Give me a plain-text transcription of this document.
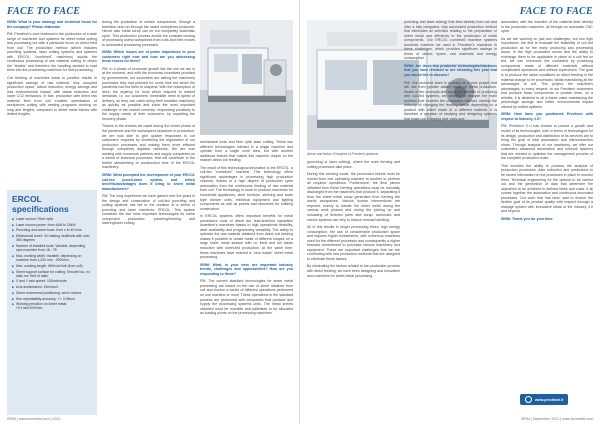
FACE TO FACE

ISRM: What is your strategy and technical focus for the company? Please elaborate.

PM: Precitech's core business is the production of a wide range of machines and systems for sheet metal cutting and processing but with a particular focus on direct feed from coil. The production method (which includes punching systems, laser cutting systems and systems with ERCOL "combined" machines) avoids the continuous processing of raw material cutting to obtain the "sheets" and therefore the handling needed to load them into the processing machines for final processing.

Coil feeding of machines leads to positive results in significant savings of raw material, less occupied production space, labour reduction, energy savings and less environmental impact, with waste reduction and lower CO2 emissions. In fact, production with direct raw material feed from coil enables optimisation of workpieces cutting with nesting programs working on long and lengths, compared to sheet metal blanks with limited lengths.

ERCOL specifications
■ Laser source: Fibre optic
■ Laser source power: from 4kW to 15kW
■ Punching and warm force: from x to 40 tons
■ Mechanical turret: 40 rotating multitools with over 360 degrees
■ Number of installed tools: Variable, depending upon machine from 18 - 78
■ Max. working width: Variable, depending on machine from 1,250 mm - 2000mm
■ Max. working length: Without limit (from coil)
■ Sheet support surface for cutting: Smooth too, no slats nor 'bed of nails'
■ X and Y axis speed: 150m/minute
■ Axis acceleration: 15m/sec2
■ Sheet movement/ positioning: servo motors
■ Non repeatability accuracy: +/- 0.05mm
■ Working precision on sheet metal: +0.1mm/1000mm

during the production of certain components, through a transition and run through the useful workpieces produced. Hence also metal scrap can be cut completely automatic cycle. This production process avoids the constant moving of processing useful workpieces from coils and then moves to automated processing processes.

ISRM: Which issues are of prime importance to your customers right now and how are you addressing these issues for them?

PM: In a phase of economic growth like the one we are in at the moment, and with the economic incentives provided by governments, our customers are asking the machinery purchases they had planned for some time but which the pandemic had led them to suspend. With the resumption of work, the urgency for tools which respond to market demands, i.e. our customers' immediate need is speed of delivery, so they can catch using their installed machinery as quickly as possible and solve the most important challenge of the market currently: responding positively to the supply needs of their customers, by exploiting the recovery phase.

Thanks to the choices we made during the recent phase of the pandemic and the subsequent slowdown in production, we are now able to give quicker responses to our customers' requests by shortening the registration of our production processes and making them more efficient through completely digitised networks. We are now working with numerous partners and supply companies on a series of technical processes, that will contribute to the further streamlining of construction time of the ERCOL machinery.

ISRM: What prompted the development of your ERCOL coil-fed punch-laser system, and which benefits/advantages does it bring to sheet metal manufacturers?

PM: The long experience we have gained over the years in the design and construction of coil-fed punching and cutting systems has led to the creation of a series of punching and laser machines, ERCOL. This system combines the two most important technologies for metal component production: punching/forming and lasering/laser cutting.

mechanical tools and fibre optic laser cutting. These two different technologies interact in a single machine and operate from a single work area, but with another additional feature that makes this machine unique on the market: direct coil feeding.

The result of this technological innovation is the ERCOL, a coil-fed "combined" machine. This technology offers significant advantages in processing high production volumes, thanks to a high degree of production cycle automation from the continuous feeding of raw material from coil. The technology is used to produce structures for household appliances, steel furniture, shelving and scale type shower units, electrical equipment and lighting components as well as panels and structures for building construction.

In ERCOL systems offers important benefits for metal processors most of which are lead-time/lost capacities downtime's machines thanks to high operational flexibility, wide availability and programming versatility. The ability to optimise the raw material obtained from direct coil feeding makes it possible to create metal of different shapes on a large sheet metal surface with no fixed and full waste reduction with sheet-fed production. At the same time, these machines have entered a "zero waste" sheet metal processing.

ISRM: What, in your view, are important industry trends, challenges and opportunities? How are you responding to these?

PM: The current standard technologies for sheet metal processing are based on the use of sheet obtained from coil and involve a series of different operations performed on one machine or more. These operations in the standard process are performed with companies that produce and supply the processing systems units. The metal sheets obtained must be movable and palletised to be allocated as loading points on the processing machines.

ISRM | www.isrmetals.com | 2021
FACE TO FACE
Above and below: Examples of Precitech products.

(punching or laser cutting), where the main forming and cutting processes take place.

During this working mode, the processed sheets must be moved from one operating machine to another to perform all required operations. Furthermore, the final pieces obtained from these forming operations must be manually discharged from the machines that produce it, separating it from the sheet metal scrap generated from forming the useful workpieces. Various human interventions are required, mainly to handle the sheet metal during the various work phases and during the picking up and unloading of finished parts and scrap. Automatic and robotic systems can help to reduce manual handling.

All of this results in longer processing times, high energy consumption, the use of considerable production space and requires higher investments, with numerous machines used for the different processes and consequently a higher financial commitment to purchase various machinery and equipment. These are important challenges that we are confronting with new production methods that are designed to eliminate these factors.

By eliminating the factors related to the production process with direct feeding, we have been designing and innovative new machines for sheet metal processing.

punching and laser cutting) that feed directly from coil and offer a fully integrated, fully automated production method that eliminates all activities relating to the preparation of sheet metal and efficiency in the production of metal components. Our ERCOL combined machine systems launched machine we used in Precitech's machines in these challenges, which provides significant savings in terms of labour, space, raw materials and energy consumption.

ISRM: Are there any products/ technologies/machines that you have released or are releasing this year that you would like to discuss?

PM: Our technical team is working on a new project that will use from greater added value on metal production. Aware of the concepts and important benefits of producing with coil-fed systems, we decided to analyse the main problem that troubles the production method, namely the difficulty of changing the feeding format depending on a product with sheet made of a different material. It is therefore a question of studying and designing systems that make coil changing fast, easy and

automated, with the insertion of the material feed directly in the production machines. all through an automatic CNC cycle.

As we are working on just two challenges, but two high importance, the first to evaluate the feasibility of coil fed production as for the many producing and processing areas. In the high production sector and the ability to exchange them to be applicable in place of a coil fed so fed, we can overcome the constraint by producing components made of different materials without complicated operations and without supervision. The goal is to produce the same conditions on direct feeding in the material change to be processed, whilst maintaining all the advantages of coil. This project, the machine's advantages, in every respect, to our Precitech customers that produce those components to provide them, on a reliable, it is destined to all a future value maintaining the percentage savings and better environmental impact offered by coilfed systems.

ISRM: How have you positioned Precitech with respect to Industry 4.0?

PM: Precitech S.r.l has chosen to pursue a growth and model of its technologies, both in terms of technologies for its design, production and distribution of its services are to bring the goal of total automation and interconnection share. Through analysis of our machinery, we offer our customers advanced automation and network systems that are needed to optimise the management process of the complete production chain.

This includes the ability to process the analysis of production processes, data collection and predictions to be stored information on the processes in place to monitor them. Technical engineering for the optimal to be carried out and the generation of data that determine the objectives to be achieved in defined times and costs. It all comes together the automation and continuous innovated processes. Our work that has been said to ensure the flexible goal of its product quality with respect through a manage system with innovative ideas of the Industry 4.0 and beyond.

ISRM: Thank you for your time.

www.precitech.it
ISRM | September 2021 | www.isrmetals.com
